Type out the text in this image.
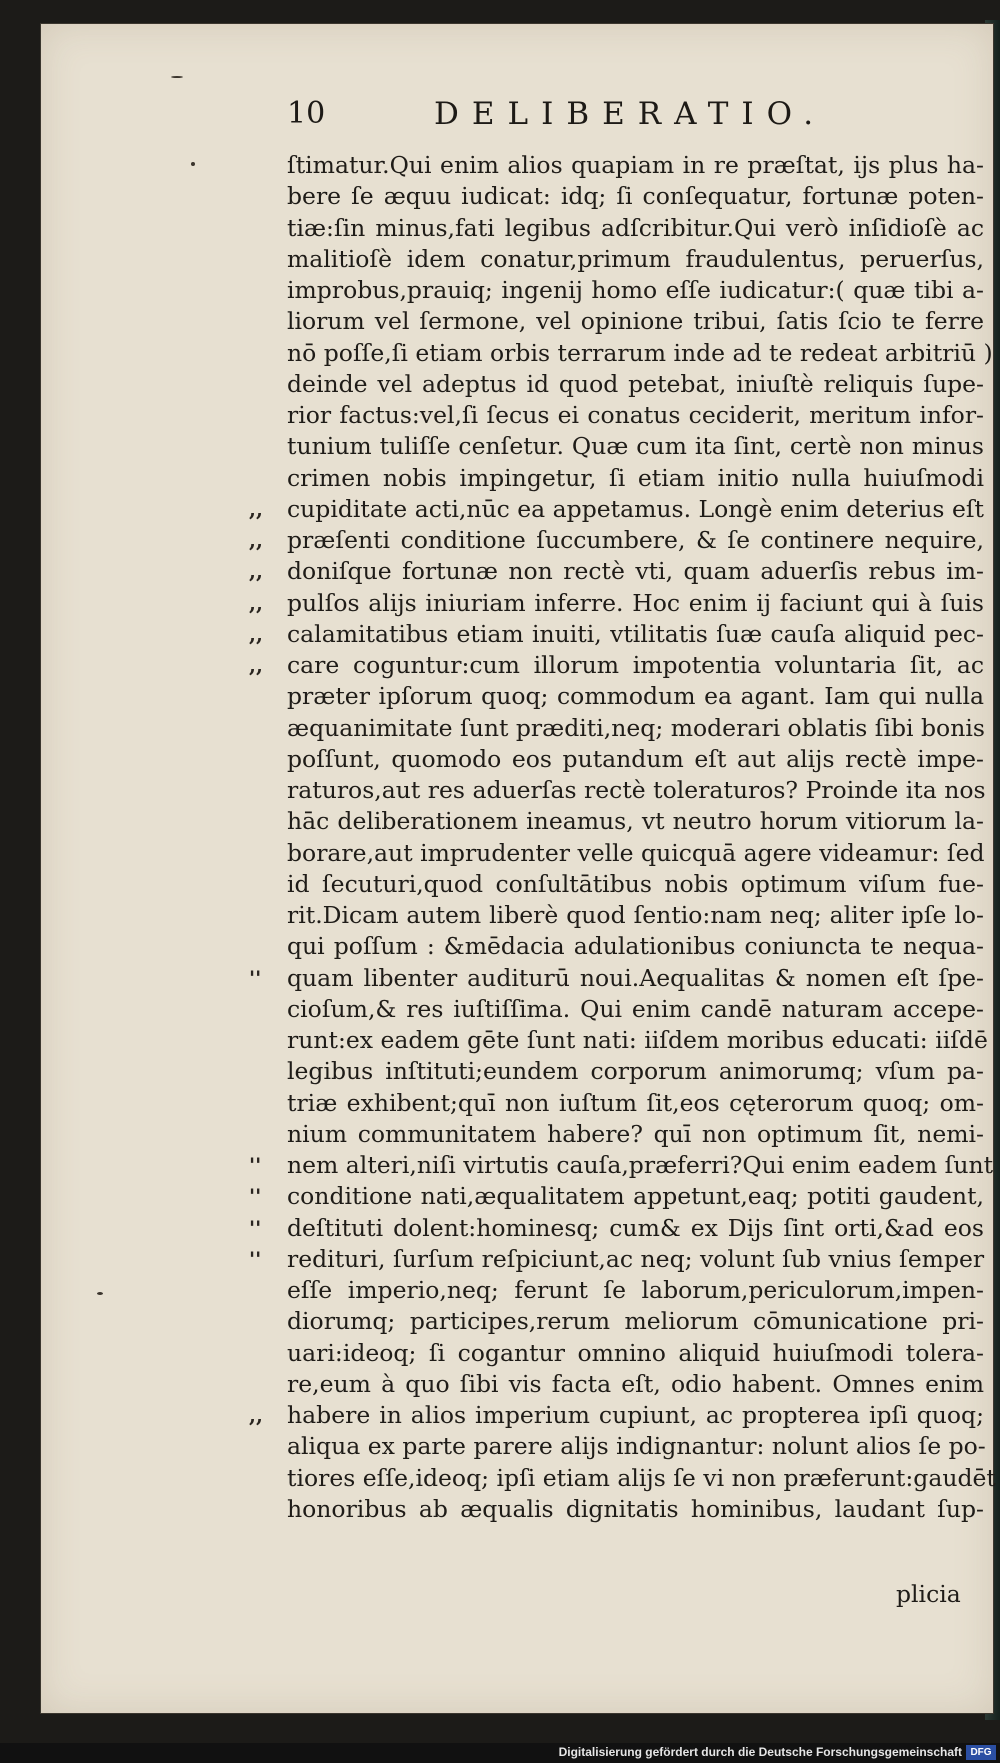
10	DELIBERATIO.
ſtimatur.Qui enim alios quapiam in re præſtat, ijs plus ha-
bere ſe æquu iudicat: idq; ſi conſequatur, fortunæ poten-
tiæ:ſin minus,fati legibus adſcribitur.Qui verò inſidioſè ac
malitioſè idem conatur,primum fraudulentus, peruerſus,
improbus,prauiq; ingenij homo eſſe iudicatur:( quæ tibi a-
liorum vel ſermone, vel opinione tribui, ſatis ſcio te ferre
nō poſſe,ſi etiam orbis terrarum inde ad te redeat arbitriū )
deinde vel adeptus id quod petebat, iniuſtè reliquis ſupe-
rior factus:vel,ſi ſecus ei conatus ceciderit, meritum infor-
tunium tuliſſe cenſetur. Quæ cum ita ſint, certè non minus
crimen nobis impingetur, ſi etiam initio nulla huiuſmodi
cupiditate acti,nūc ea appetamus. Longè enim deterius eſt
,,
præſenti conditione ſuccumbere, & ſe continere nequire,
,,
doniſque fortunæ non rectè vti, quam aduerſis rebus im-
,,
pulſos alijs iniuriam inferre. Hoc enim ij faciunt qui à ſuis
,,
calamitatibus etiam inuiti, vtilitatis ſuæ cauſa aliquid pec-
,,
care coguntur:cum illorum impotentia voluntaria ſit, ac
,,
præter ipſorum quoq; commodum ea agant. Iam qui nulla
æquanimitate ſunt præditi,neq; moderari oblatis ſibi bonis
poſſunt, quomodo eos putandum eſt aut alijs rectè impe-
raturos,aut res aduerſas rectè toleraturos? Proinde ita nos
hāc deliberationem ineamus, vt neutro horum vitiorum la-
borare,aut imprudenter velle quicquā agere videamur: ſed
id ſecuturi,quod conſultātibus nobis optimum viſum fue-
rit.Dicam autem liberè quod ſentio:nam neq; aliter ipſe lo-
qui poſſum : &mēdacia adulationibus coniuncta te nequa-
quam libenter auditurū noui.Aequalitas & nomen eſt ſpe-
''
cioſum,& res iuſtiſſima. Qui enim candē naturam accepe-
runt:ex eadem gēte ſunt nati: iiſdem moribus educati: iiſdē
legibus inſtituti;eundem corporum animorumq; vſum pa-
triæ exhibent;quī non iuſtum ſit,eos cęterorum quoq; om-
nium communitatem habere? quī non optimum ſit, nemi-
nem alteri,niſi virtutis cauſa,præferri?Qui enim eadem ſunt
''
conditione nati,æqualitatem appetunt,eaq; potiti gaudent,
''
deſtituti dolent:hominesq; cum& ex Dijs ſint orti,&ad eos
''
redituri, ſurſum reſpiciunt,ac neq; volunt ſub vnius ſemper
''
eſſe imperio,neq; ferunt ſe laborum,periculorum,impen-
diorumq; participes,rerum meliorum cōmunicatione pri-
uari:ideoq; ſi cogantur omnino aliquid huiuſmodi tolera-
re,eum à quo ſibi vis facta eſt, odio habent. Omnes enim
habere in alios imperium cupiunt, ac propterea ipſi quoq;
,,
aliqua ex parte parere alijs indignantur: nolunt alios ſe po-
tiores eſſe,ideoq; ipſi etiam alijs ſe vi non præferunt:gaudēt
honoribus ab æqualis dignitatis hominibus, laudant ſup-
plicia
Digitalisierung gefördert durch die Deutsche Forschungsgemeinschaft DFG
